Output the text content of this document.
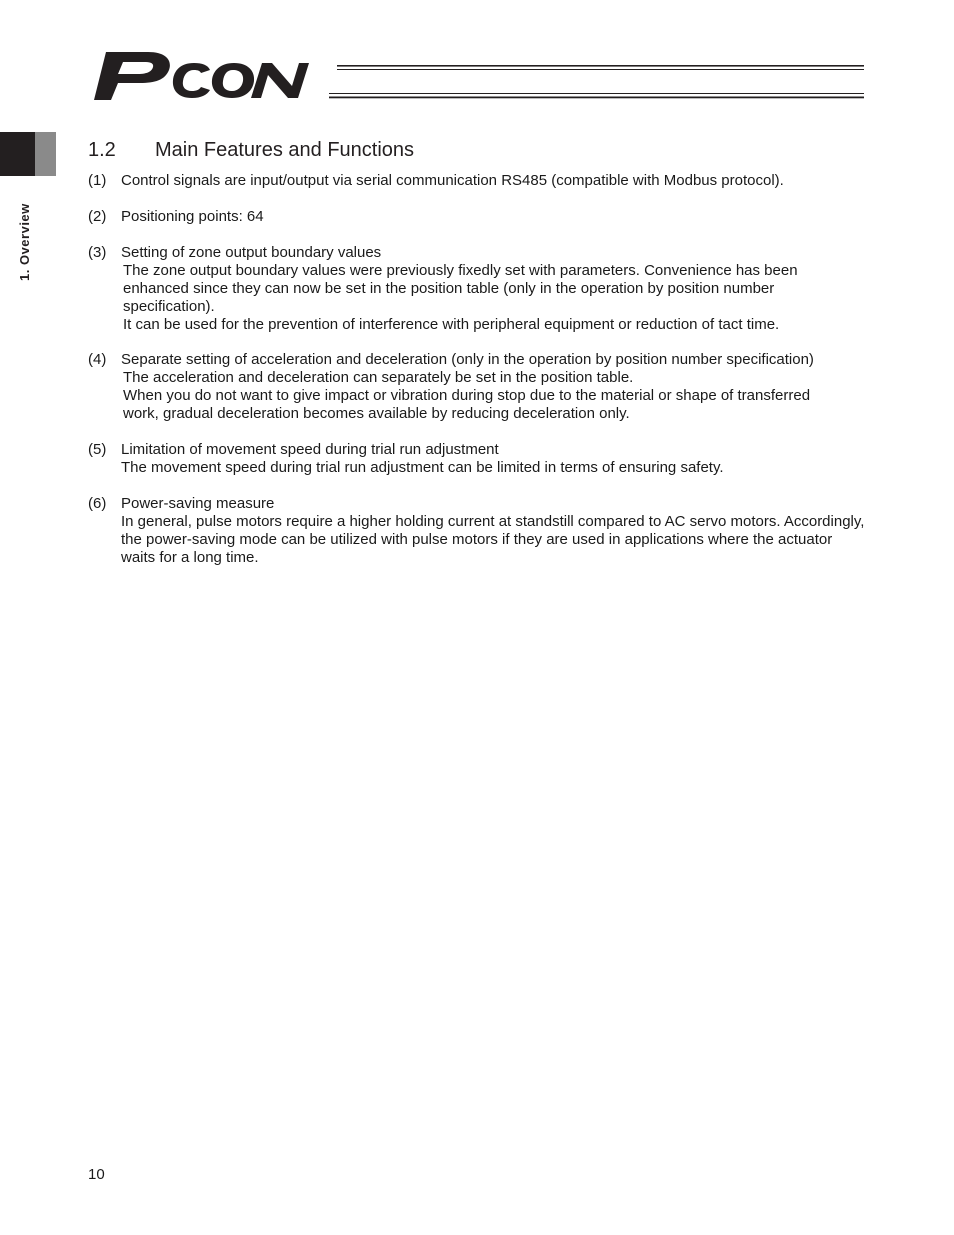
1. Overview
1.2 Main Features and Functions
(1) Control signals are input/output via serial communication RS485 (compatible with Modbus protocol).

(2) Positioning points: 64

(3) Setting of zone output boundary values

The zone output boundary values were previously fixedly set with parameters. Convenience has been enhanced since they can now be set in the position table (only in the operation by position number specification).

It can be used for the prevention of interference with peripheral equipment or reduction of tact time.

(4) Separate setting of acceleration and deceleration (only in the operation by position number specification)

The acceleration and deceleration can separately be set in the position table.

When you do not want to give impact or vibration during stop due to the material or shape of transferred work, gradual deceleration becomes available by reducing deceleration only.

(5) Limitation of movement speed during trial run adjustment

The movement speed during trial run adjustment can be limited in terms of ensuring safety.

(6) Power-saving measure

In general, pulse motors require a higher holding current at standstill compared to AC servo motors. Accordingly, the power-saving mode can be utilized with pulse motors if they are used in applications where the actuator waits for a long time.

10
